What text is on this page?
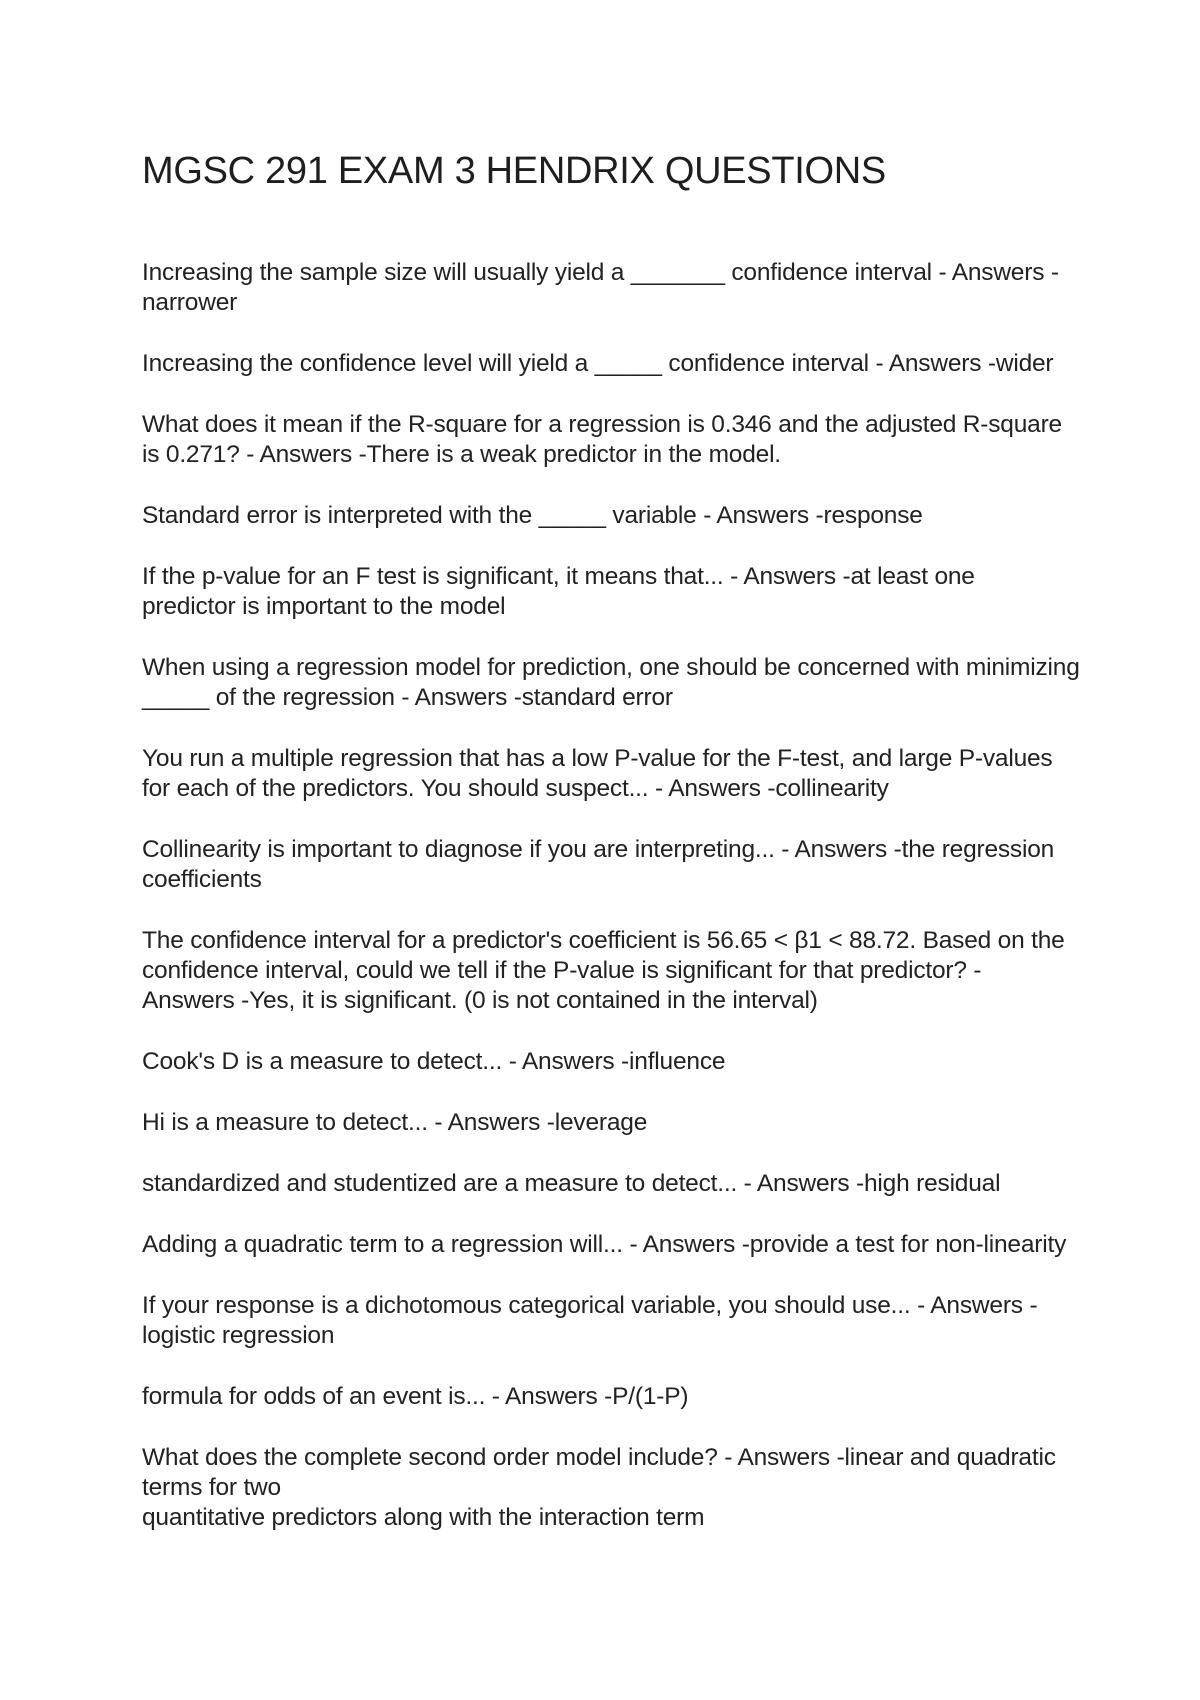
MGSC 291 EXAM 3 HENDRIX QUESTIONS
Increasing the sample size will usually yield a _______ confidence interval - Answers -
narrower
Increasing the confidence level will yield a _____ confidence interval - Answers -wider
What does it mean if the R-square for a regression is 0.346 and the adjusted R-square
is 0.271? - Answers -There is a weak predictor in the model.
Standard error is interpreted with the _____ variable - Answers -response
If the p-value for an F test is significant, it means that... - Answers -at least one
predictor is important to the model
When using a regression model for prediction, one should be concerned with minimizing
_____ of the regression - Answers -standard error
You run a multiple regression that has a low P-value for the F-test, and large P-values
for each of the predictors. You should suspect... - Answers -collinearity
Collinearity is important to diagnose if you are interpreting... - Answers -the regression
coefficients
The confidence interval for a predictor's coefficient is 56.65 < β1 < 88.72. Based on the
confidence interval, could we tell if the P-value is significant for that predictor? -
Answers -Yes, it is significant. (0 is not contained in the interval)
Cook's D is a measure to detect... - Answers -influence
Hi is a measure to detect... - Answers -leverage
standardized and studentized are a measure to detect... - Answers -high residual
Adding a quadratic term to a regression will... - Answers -provide a test for non-linearity
If your response is a dichotomous categorical variable, you should use... - Answers -
logistic regression
formula for odds of an event is... - Answers -P/(1-P)
What does the complete second order model include? - Answers -linear and quadratic
terms for two
quantitative predictors along with the interaction term
